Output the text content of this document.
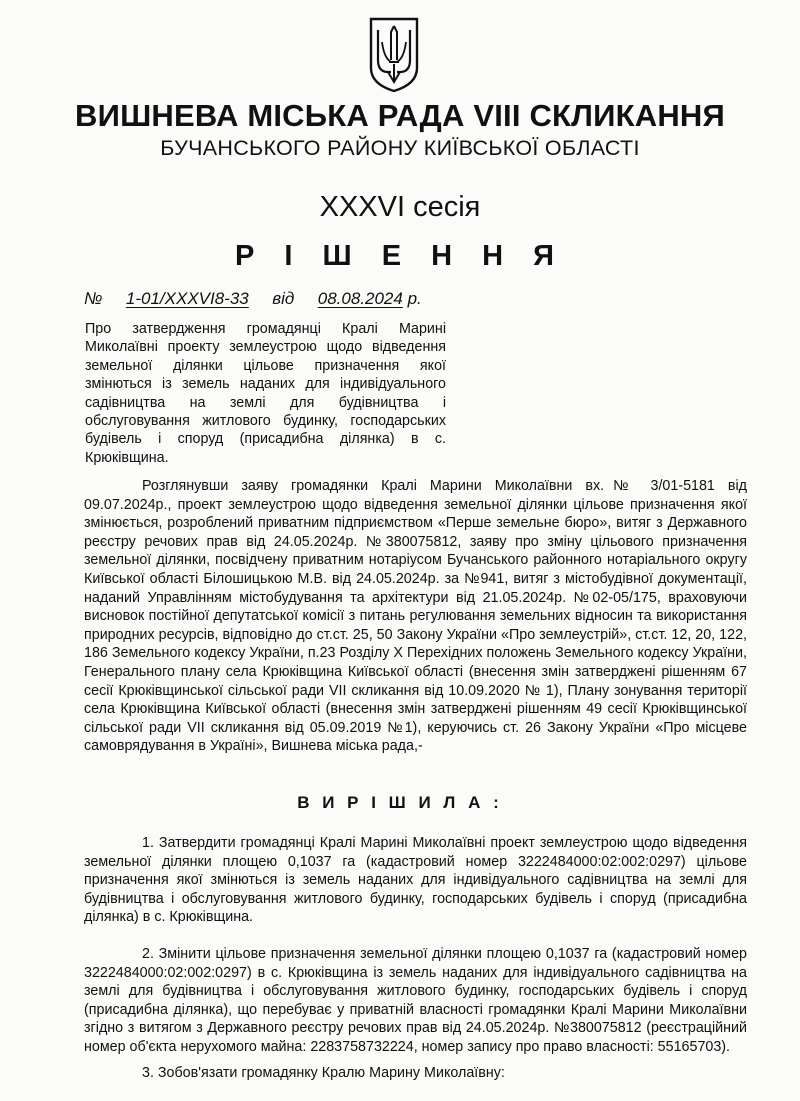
ВИШНЕВА МІСЬКА РАДА VIII СКЛИКАННЯ
БУЧАНСЬКОГО РАЙОНУ КИЇВСЬКОЇ ОБЛАСТІ
XXXVI сесія
Р І Ш Е Н Н Я
№ 1-01/XXXVI8-33 від 08.08.2024 р.
Про затвердження громадянці Кралі Марині Миколаївні проекту землеустрою щодо відведення земельної ділянки цільове призначення якої змінються із земель наданих для індивідуального садівництва на землі для будівництва і обслуговування житлового будинку, господарських будівель і споруд (присадибна ділянка) в с. Крюківщина.
Розглянувши заяву громадянки Кралі Марини Миколаївни вх.№ 3/01-5181 від 09.07.2024р., проект землеустрою щодо відведення земельної ділянки цільове призначення якої змінюється, розроблений приватним підприємством «Перше земельне бюро», витяг з Державного реєстру речових прав від 24.05.2024р. №380075812, заяву про зміну цільового призначення земельної ділянки, посвідчену приватним нотаріусом Бучанського районного нотаріального округу Київської області Білошицькою М.В. від 24.05.2024р. за №941, витяг з містобудівної документації, наданий Управлінням містобудування та архітектури від 21.05.2024р. №02-05/175, враховуючи висновок постійної депутатської комісії з питань регулювання земельних відносин та використання природних ресурсів, відповідно до ст.ст. 25, 50 Закону України «Про землеустрій», ст.ст. 12, 20, 122, 186 Земельного кодексу України, п.23 Розділу X Перехідних положень Земельного кодексу України, Генерального плану села Крюківщина Київської області (внесення змін затверджені рішенням 67 сесії Крюківщинської сільської ради VII скликання від 10.09.2020 № 1), Плану зонування території села Крюківщина Київської області (внесення змін затверджені рішенням 49 сесії Крюківщинської сільської ради VII скликання від 05.09.2019 №1), керуючись ст. 26 Закону України «Про місцеве самоврядування в Україні», Вишнева міська рада,-
В И Р І Ш И Л А :
1. Затвердити громадянці Кралі Марині Миколаївні проект землеустрою щодо відведення земельної ділянки площею 0,1037 га (кадастровий номер 3222484000:02:002:0297) цільове призначення якої змінються із земель наданих для індивідуального садівництва на землі для будівництва і обслуговування житлового будинку, господарських будівель і споруд (присадибна ділянка) в с. Крюківщина.
2. Змінити цільове призначення земельної ділянки площею 0,1037 га (кадастровий номер 3222484000:02:002:0297) в с. Крюківщина із земель наданих для індивідуального садівництва на землі для будівництва і обслуговування житлового будинку, господарських будівель і споруд (присадибна ділянка), що перебуває у приватній власності громадянки Кралі Марини Миколаївни згідно з витягом з Державного реєстру речових прав від 24.05.2024р. №380075812 (реєстраційний номер об'єкта нерухомого майна: 2283758732224, номер запису про право власності: 55165703).
3. Зобов'язати громадянку Кралю Марину Миколаївну:
